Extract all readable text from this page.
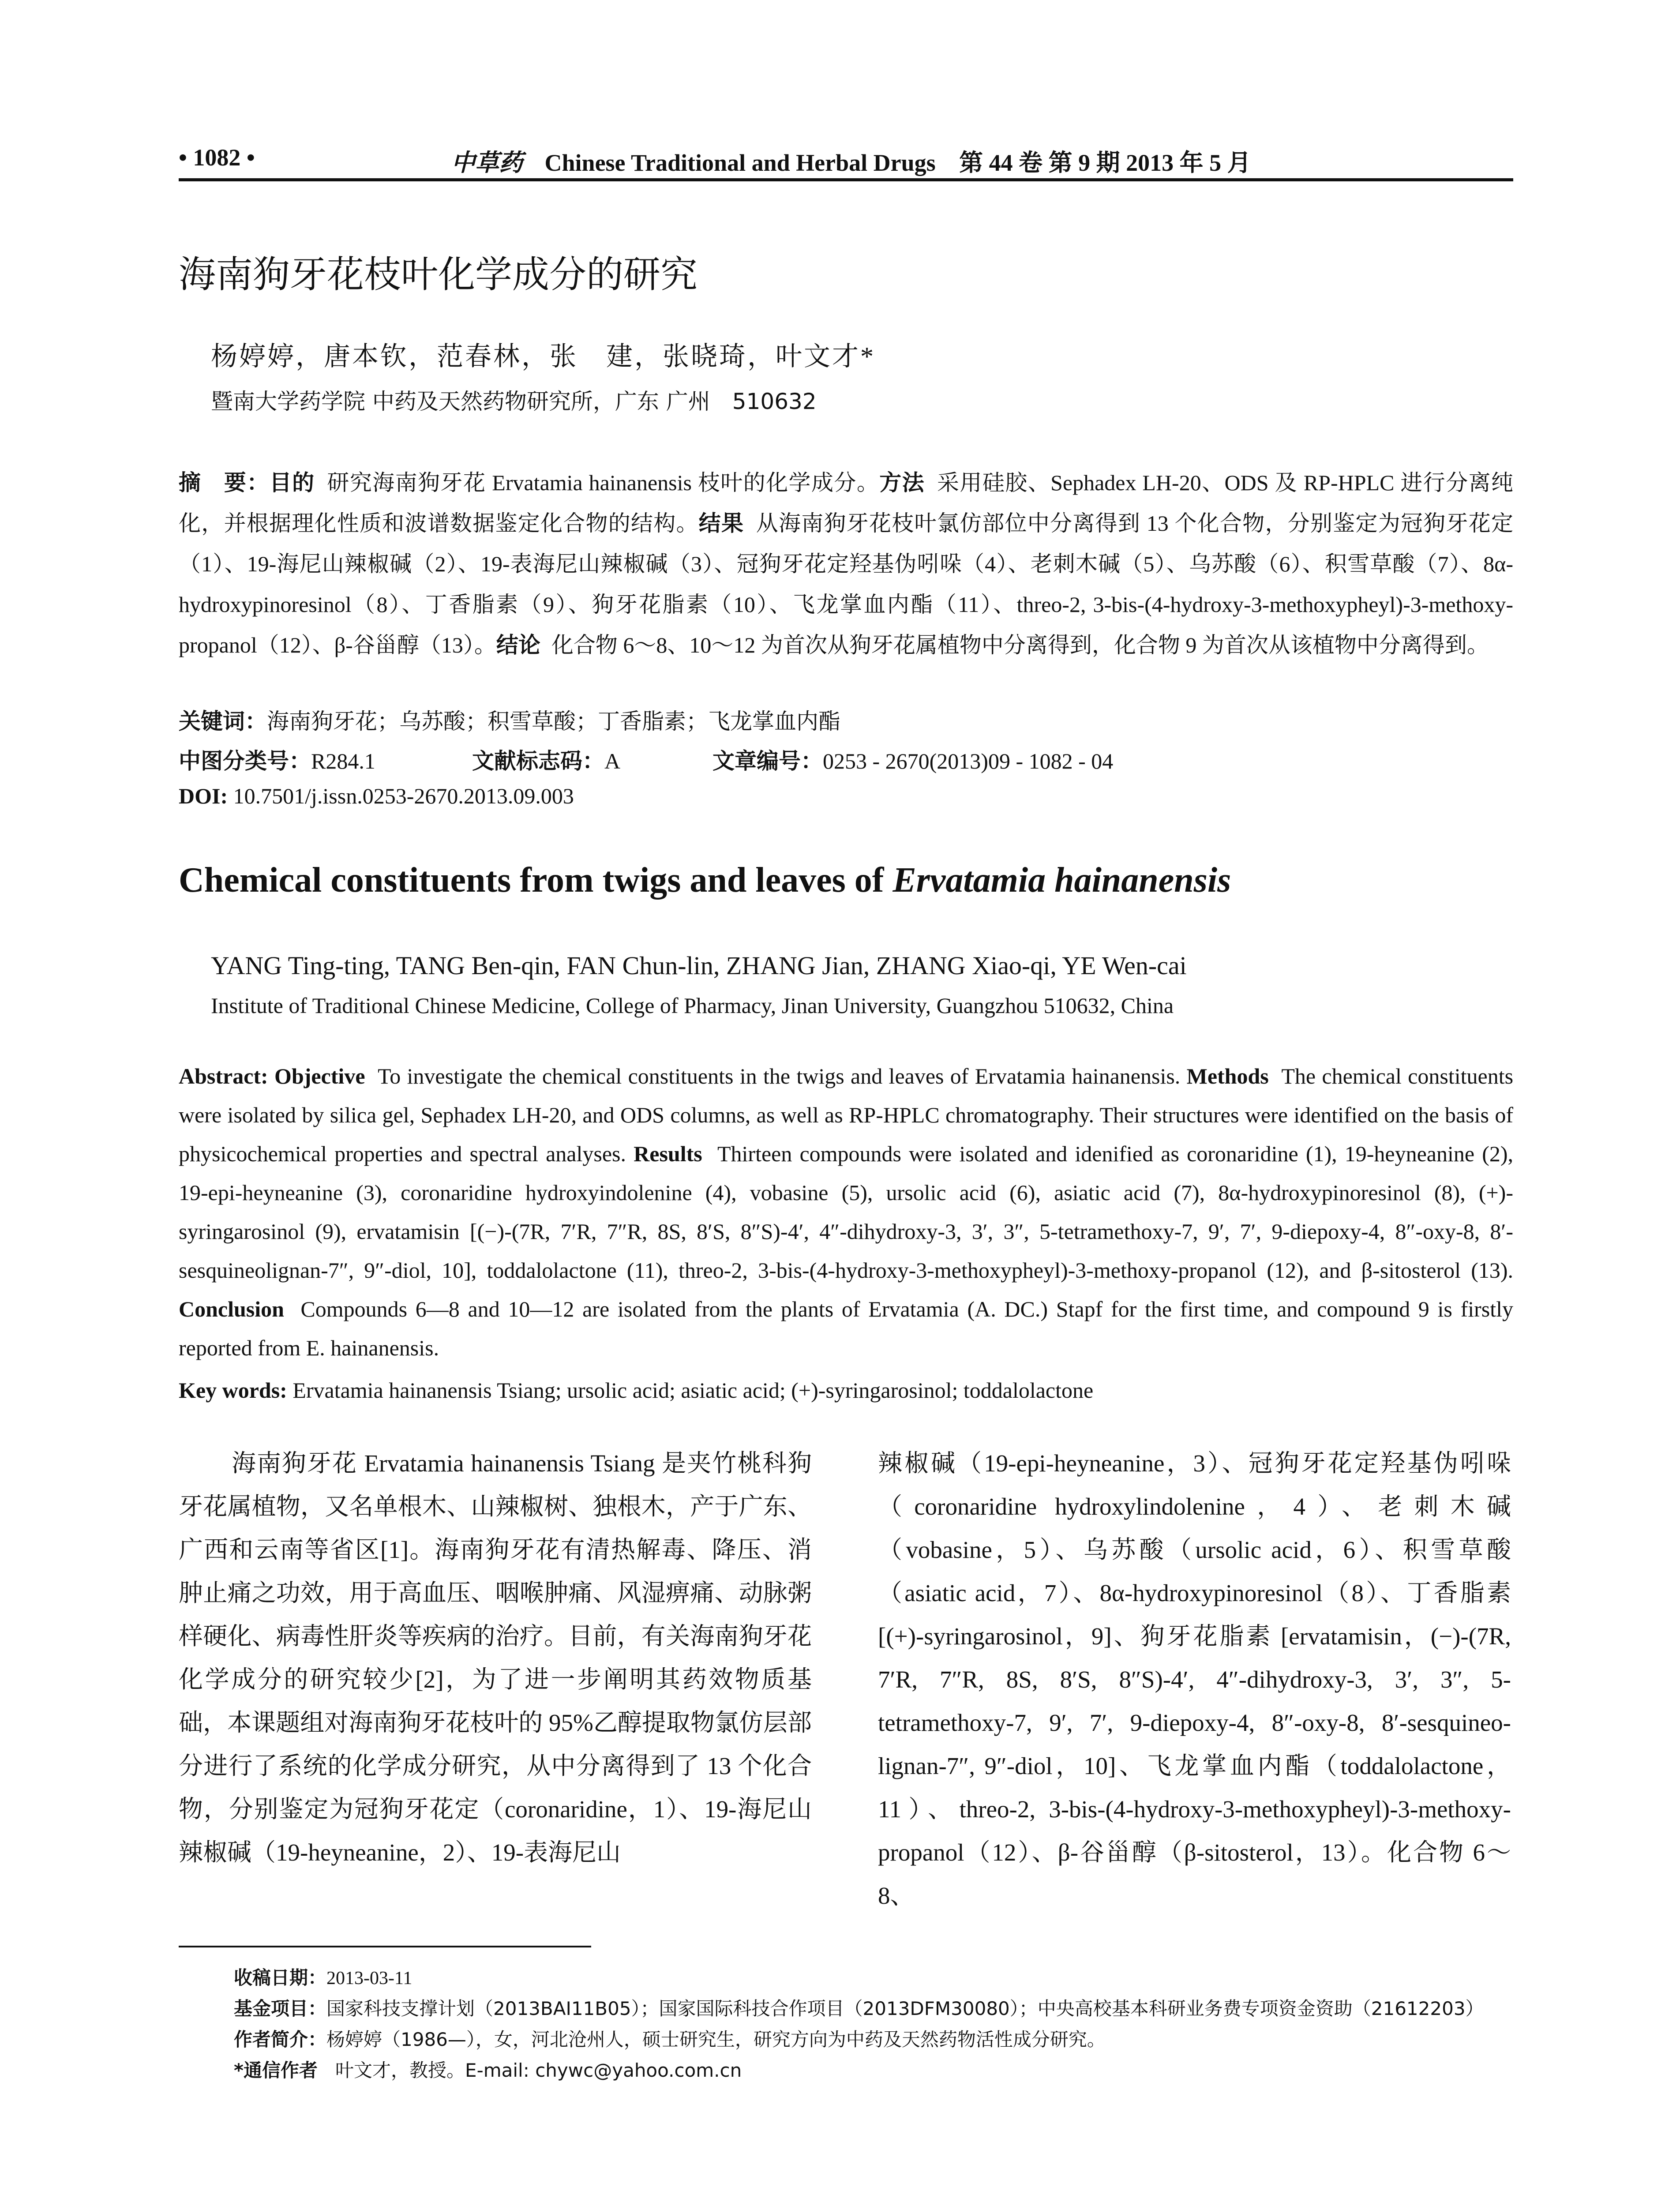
• 1082 •	中草药 Chinese Traditional and Herbal Drugs 第 44 卷 第 9 期 2013 年 5 月
海南狗牙花枝叶化学成分的研究
杨婷婷，唐本钦，范春林，张　建，张晓琦，叶文才*
暨南大学药学院 中药及天然药物研究所，广东 广州　510632
摘　要：目的 研究海南狗牙花 Ervatamia hainanensis 枝叶的化学成分。方法 采用硅胶、Sephadex LH-20、ODS 及 RP-HPLC 进行分离纯化，并根据理化性质和波谱数据鉴定化合物的结构。结果 从海南狗牙花枝叶氯仿部位中分离得到 13 个化合物，分别鉴定为冠狗牙花定（1）、19-海尼山辣椒碱（2）、19-表海尼山辣椒碱（3）、冠狗牙花定羟基伪吲哚（4）、老刺木碱（5）、乌苏酸（6）、积雪草酸（7）、8α-hydroxypinoresinol（8）、丁香脂素（9）、狗牙花脂素（10）、飞龙掌血内酯（11）、threo-2, 3-bis-(4-hydroxy-3-methoxypheyl)-3-methoxy-propanol（12）、β-谷甾醇（13）。结论 化合物 6～8、10～12 为首次从狗牙花属植物中分离得到，化合物 9 为首次从该植物中分离得到。
关键词：海南狗牙花；乌苏酸；积雪草酸；丁香脂素；飞龙掌血内酯
中图分类号：R284.1	文献标志码：A	文章编号：0253 - 2670(2013)09 - 1082 - 04
DOI: 10.7501/j.issn.0253-2670.2013.09.003
Chemical constituents from twigs and leaves of Ervatamia hainanensis
YANG Ting-ting, TANG Ben-qin, FAN Chun-lin, ZHANG Jian, ZHANG Xiao-qi, YE Wen-cai
Institute of Traditional Chinese Medicine, College of Pharmacy, Jinan University, Guangzhou 510632, China
Abstract: Objective To investigate the chemical constituents in the twigs and leaves of Ervatamia hainanensis. Methods The chemical constituents were isolated by silica gel, Sephadex LH-20, and ODS columns, as well as RP-HPLC chromatography. Their structures were identified on the basis of physicochemical properties and spectral analyses. Results Thirteen compounds were isolated and idenified as coronaridine (1), 19-heyneanine (2), 19-epi-heyneanine (3), coronaridine hydroxyindolenine (4), vobasine (5), ursolic acid (6), asiatic acid (7), 8α-hydroxypinoresinol (8), (+)-syringarosinol (9), ervatamisin [(−)-(7R, 7′R, 7″R, 8S, 8′S, 8″S)-4′, 4″-dihydroxy-3, 3′, 3″, 5-tetramethoxy-7, 9′, 7′, 9-diepoxy-4, 8″-oxy-8, 8′-sesquineolignan-7″, 9″-diol, 10], toddalolactone (11), threo-2, 3-bis-(4-hydroxy-3-methoxypheyl)-3-methoxy-propanol (12), and β-sitosterol (13). Conclusion Compounds 6—8 and 10—12 are isolated from the plants of Ervatamia (A. DC.) Stapf for the first time, and compound 9 is firstly reported from E. hainanensis.
Key words: Ervatamia hainanensis Tsiang; ursolic acid; asiatic acid; (+)-syringarosinol; toddalolactone
海南狗牙花 Ervatamia hainanensis Tsiang 是夹竹桃科狗牙花属植物，又名单根木、山辣椒树、独根木，产于广东、广西和云南等省区[1]。海南狗牙花有清热解毒、降压、消肿止痛之功效，用于高血压、咽喉肿痛、风湿痹痛、动脉粥样硬化、病毒性肝炎等疾病的治疗。目前，有关海南狗牙花化学成分的研究较少[2]，为了进一步阐明其药效物质基础，本课题组对海南狗牙花枝叶的 95%乙醇提取物氯仿层部分进行了系统的化学成分研究，从中分离得到了 13 个化合物，分别鉴定为冠狗牙花定（coronaridine，1）、19-海尼山辣椒碱（19-heyneanine，2）、19-表海尼山
辣椒碱（19-epi-heyneanine，3）、冠狗牙花定羟基伪吲哚（coronaridine hydroxylindolenine，4）、老刺木碱（vobasine，5）、乌苏酸（ursolic acid，6）、积雪草酸（asiatic acid，7）、8α-hydroxypinoresinol（8）、丁香脂素 [(+)-syringarosinol，9]、狗牙花脂素 [ervatamisin，(−)-(7R, 7′R, 7″R, 8S, 8′S, 8″S)-4′, 4″-dihydroxy-3, 3′, 3″, 5-tetramethoxy-7, 9′, 7′, 9-diepoxy-4, 8″-oxy-8, 8′-sesquineo-lignan-7″, 9″-diol，10]、飞龙掌血内酯（toddalolactone，11）、threo-2, 3-bis-(4-hydroxy-3-methoxypheyl)-3-methoxy-propanol（12）、β-谷甾醇（β-sitosterol，13）。化合物 6～8、
收稿日期：2013-03-11
基金项目：国家科技支撑计划（2013BAI11B05）；国家国际科技合作项目（2013DFM30080）；中央高校基本科研业务费专项资金资助（21612203）
作者简介：杨婷婷（1986—），女，河北沧州人，硕士研究生，研究方向为中药及天然药物活性成分研究。
*通信作者 叶文才，教授。E-mail: chywc@yahoo.com.cn
